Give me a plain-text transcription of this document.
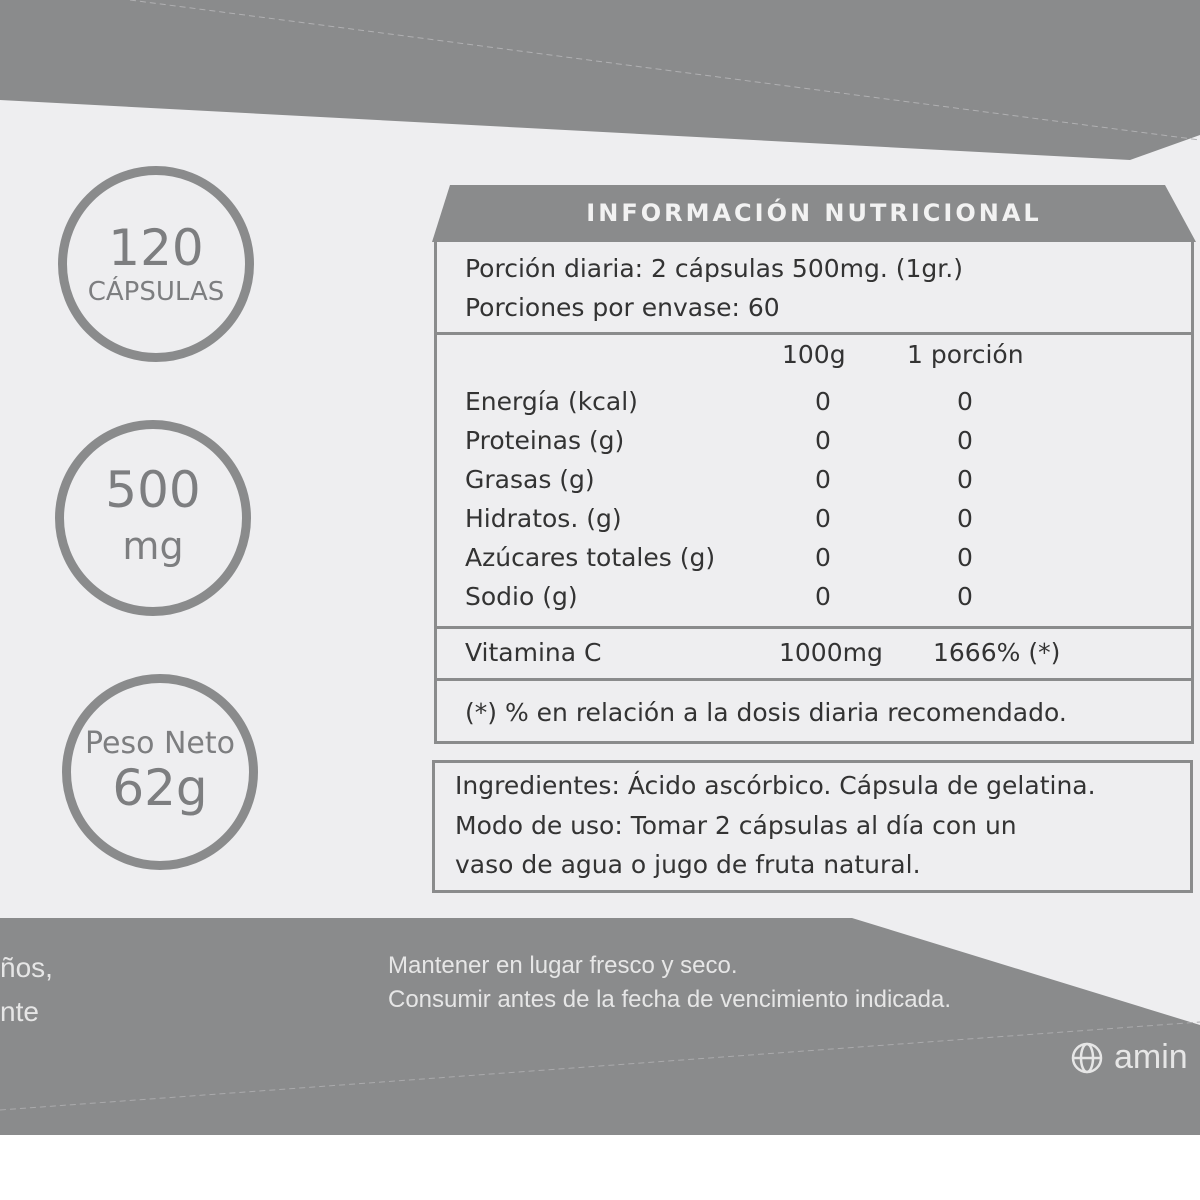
120
CÁPSULAS
500
mg
Peso Neto
62g
INFORMACIÓN NUTRICIONAL
Porción diaria: 2 cápsulas 500mg. (1gr.)
Porciones por envase: 60
100g 1 porción
Energía (kcal)	0	0
Proteinas (g)	0	0
Grasas (g)	0	0
Hidratos. (g)	0	0
Azúcares totales (g)	0	0
Sodio (g)	0	0
Vitamina C	1000mg 1666% (*)
(*) % en relación a la dosis diaria recomendado.
Ingredientes: Ácido ascórbico. Cápsula de gelatina.
Modo de uso: Tomar 2 cápsulas al día con un
vaso de agua o jugo de fruta natural.
ños,
nte
Mantener en lugar fresco y seco.
Consumir antes de la fecha de vencimiento indicada.
amin
